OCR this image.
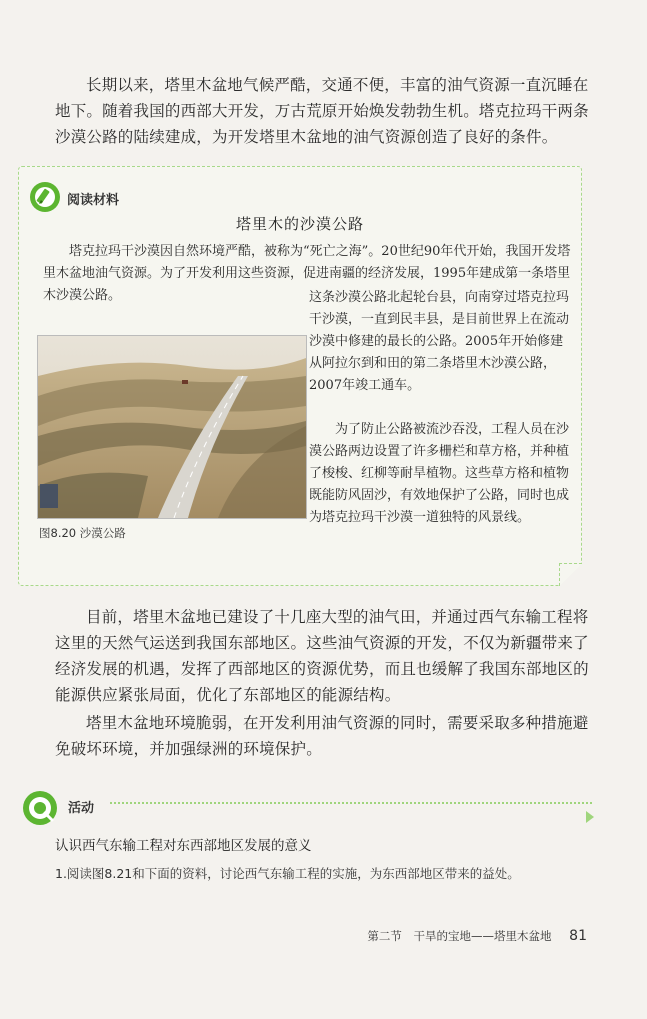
长期以来，塔里木盆地气候严酷，交通不便，丰富的油气资源一直沉睡在地下。随着我国的西部大开发，万古荒原开始焕发勃勃生机。塔克拉玛干两条沙漠公路的陆续建成，为开发塔里木盆地的油气资源创造了良好的条件。

阅读材料
塔里木的沙漠公路

塔克拉玛干沙漠因自然环境严酷，被称为“死亡之海”。20世纪90年代开始，我国开发塔里木盆地油气资源。为了开发利用这些资源，促进南疆的经济发展，1995年建成第一条塔里木沙漠公路。

图8.20 沙漠公路

这条沙漠公路北起轮台县，向南穿过塔克拉玛干沙漠，一直到民丰县，是目前世界上在流动沙漠中修建的最长的公路。2005年开始修建从阿拉尔到和田的第二条塔里木沙漠公路，2007年竣工通车。

为了防止公路被流沙吞没，工程人员在沙漠公路两边设置了许多栅栏和草方格，并种植了梭梭、红柳等耐旱植物。这些草方格和植物既能防风固沙，有效地保护了公路，同时也成为塔克拉玛干沙漠一道独特的风景线。

目前，塔里木盆地已建设了十几座大型的油气田，并通过西气东输工程将这里的天然气运送到我国东部地区。这些油气资源的开发，不仅为新疆带来了经济发展的机遇，发挥了西部地区的资源优势，而且也缓解了我国东部地区的能源供应紧张局面，优化了东部地区的能源结构。

塔里木盆地环境脆弱，在开发利用油气资源的同时，需要采取多种措施避免破坏环境，并加强绿洲的环境保护。

活动
认识西气东输工程对东西部地区发展的意义
1.阅读图8.21和下面的资料，讨论西气东输工程的实施，为东西部地区带来的益处。
第二节 干旱的宝地——塔里木盆地 81
